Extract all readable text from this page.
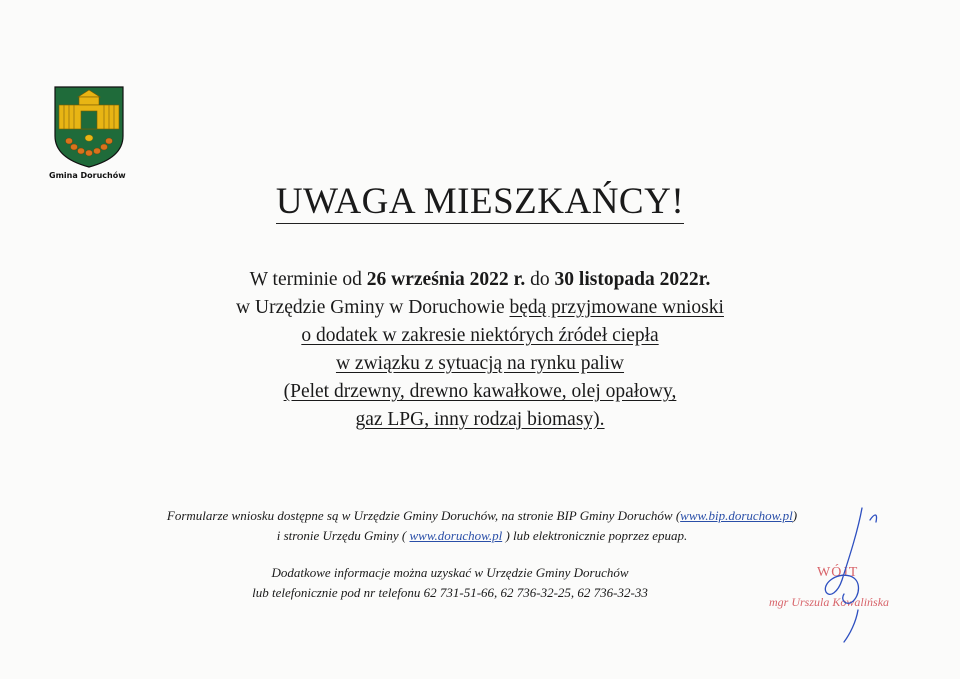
Gmina Doruchów
UWAGA MIESZKAŃCY!
W terminie od 26 września 2022 r. do 30 listopada 2022r.
w Urzędzie Gminy w Doruchowie będą przyjmowane wnioski
o dodatek w zakresie niektórych źródeł ciepła
w związku z sytuacją na rynku paliw
(Pelet drzewny, drewno kawałkowe, olej opałowy,
gaz LPG, inny rodzaj biomasy).
Formularze wniosku dostępne są w Urzędzie Gminy Doruchów, na stronie BIP Gminy Doruchów (www.bip.doruchow.pl)
i stronie Urzędu Gminy ( www.doruchow.pl ) lub elektronicznie poprzez epuap.
Dodatkowe informacje można uzyskać w Urzędzie Gminy Doruchów
lub telefonicznie pod nr telefonu 62 731-51-66, 62 736-32-25, 62 736-32-33
WÓJT
mgr Urszula Kowalińska
